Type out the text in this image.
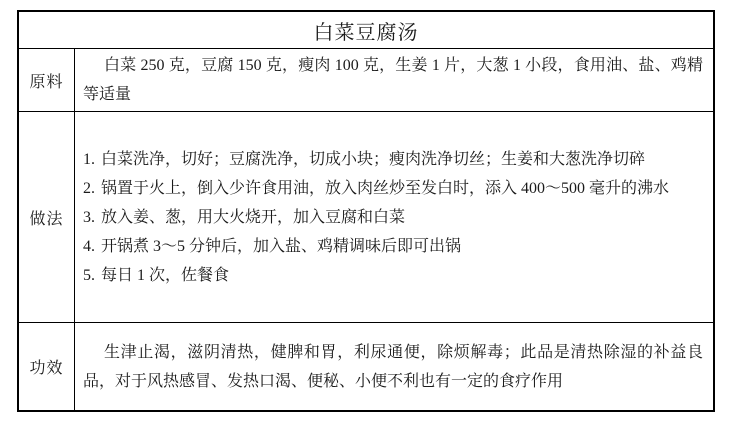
白菜豆腐汤
原料
白菜 250 克，豆腐 150 克，瘦肉 100 克，生姜 1 片，大葱 1 小段，食用油、盐、鸡精等适量
做法
1. 白菜洗净，切好；豆腐洗净，切成小块；瘦肉洗净切丝；生姜和大葱洗净切碎
2. 锅置于火上，倒入少许食用油，放入肉丝炒至发白时，添入 400～500 毫升的沸水
3. 放入姜、葱，用大火烧开，加入豆腐和白菜
4. 开锅煮 3～5 分钟后，加入盐、鸡精调味后即可出锅
5. 每日 1 次，佐餐食
功效
生津止渴，滋阴清热，健脾和胃，利尿通便，除烦解毒；此品是清热除湿的补益良品，对于风热感冒、发热口渴、便秘、小便不利也有一定的食疗作用
